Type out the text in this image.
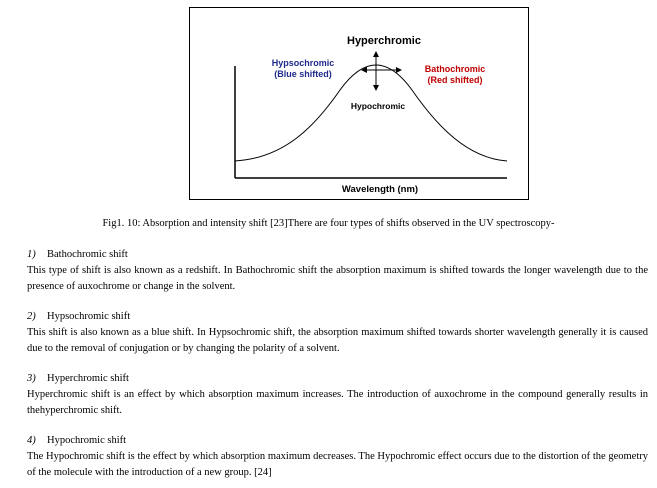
Hyperchromic
Hypsochromic
(Blue shifted)	Bathochromic
(Red shifted)
Hypochromic
Wavelength (nm)
Fig1. 10: Absorption and intensity shift [23]There are four types of shifts observed in the UV spectroscopy-
1) Bathochromic shift
This type of shift is also known as a redshift. In Bathochromic shift the absorption maximum is shifted towards the longer wavelength due to the presence of auxochrome or change in the solvent.
2) Hypsochromic shift
This shift is also known as a blue shift. In Hypsochromic shift, the absorption maximum shifted towards shorter wavelength generally it is caused due to the removal of conjugation or by changing the polarity of a solvent.
3) Hyperchromic shift
Hyperchromic shift is an effect by which absorption maximum increases. The introduction of auxochrome in the compound generally results in thehyperchromic shift.
4) Hypochromic shift
The Hypochromic shift is the effect by which absorption maximum decreases. The Hypochromic effect occurs due to the distortion of the geometry of the molecule with the introduction of a new group. [24]
